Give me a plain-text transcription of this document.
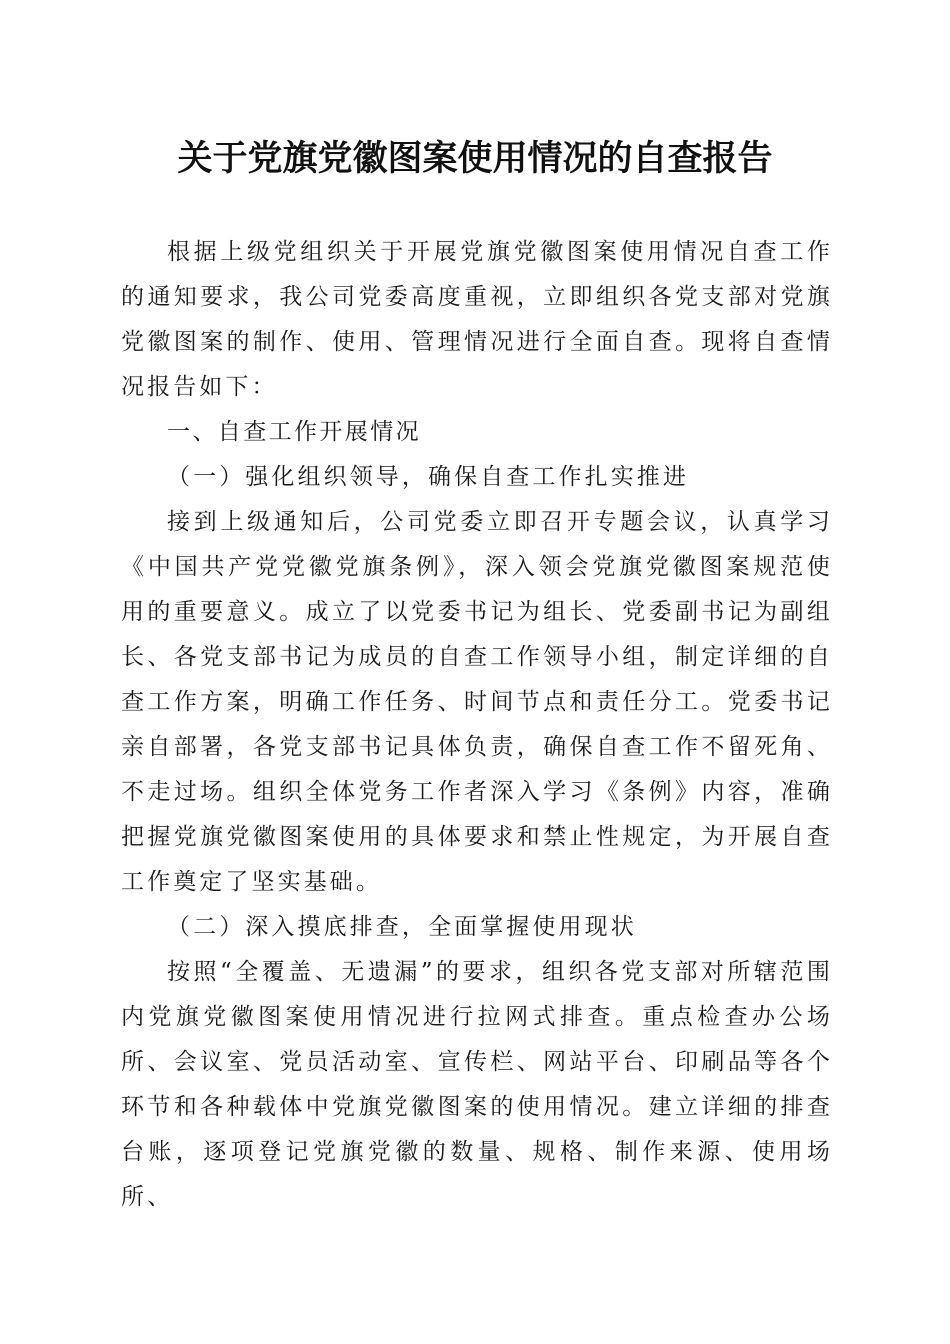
关于党旗党徽图案使用情况的自查报告

根据上级党组织关于开展党旗党徽图案使用情况自查工作的通知要求，我公司党委高度重视，立即组织各党支部对党旗党徽图案的制作、使用、管理情况进行全面自查。现将自查情况报告如下：

一、自查工作开展情况
（一）强化组织领导，确保自查工作扎实推进

接到上级通知后，公司党委立即召开专题会议，认真学习《中国共产党党徽党旗条例》，深入领会党旗党徽图案规范使用的重要意义。成立了以党委书记为组长、党委副书记为副组长、各党支部书记为成员的自查工作领导小组，制定详细的自查工作方案，明确工作任务、时间节点和责任分工。党委书记亲自部署，各党支部书记具体负责，确保自查工作不留死角、不走过场。组织全体党务工作者深入学习《条例》内容，准确把握党旗党徽图案使用的具体要求和禁止性规定，为开展自查工作奠定了坚实基础。

（二）深入摸底排查，全面掌握使用现状

按照“全覆盖、无遗漏”的要求，组织各党支部对所辖范围内党旗党徽图案使用情况进行拉网式排查。重点检查办公场所、会议室、党员活动室、宣传栏、网站平台、印刷品等各个环节和各种载体中党旗党徽图案的使用情况。建立详细的排查台账，逐项登记党旗党徽的数量、规格、制作来源、使用场所、
